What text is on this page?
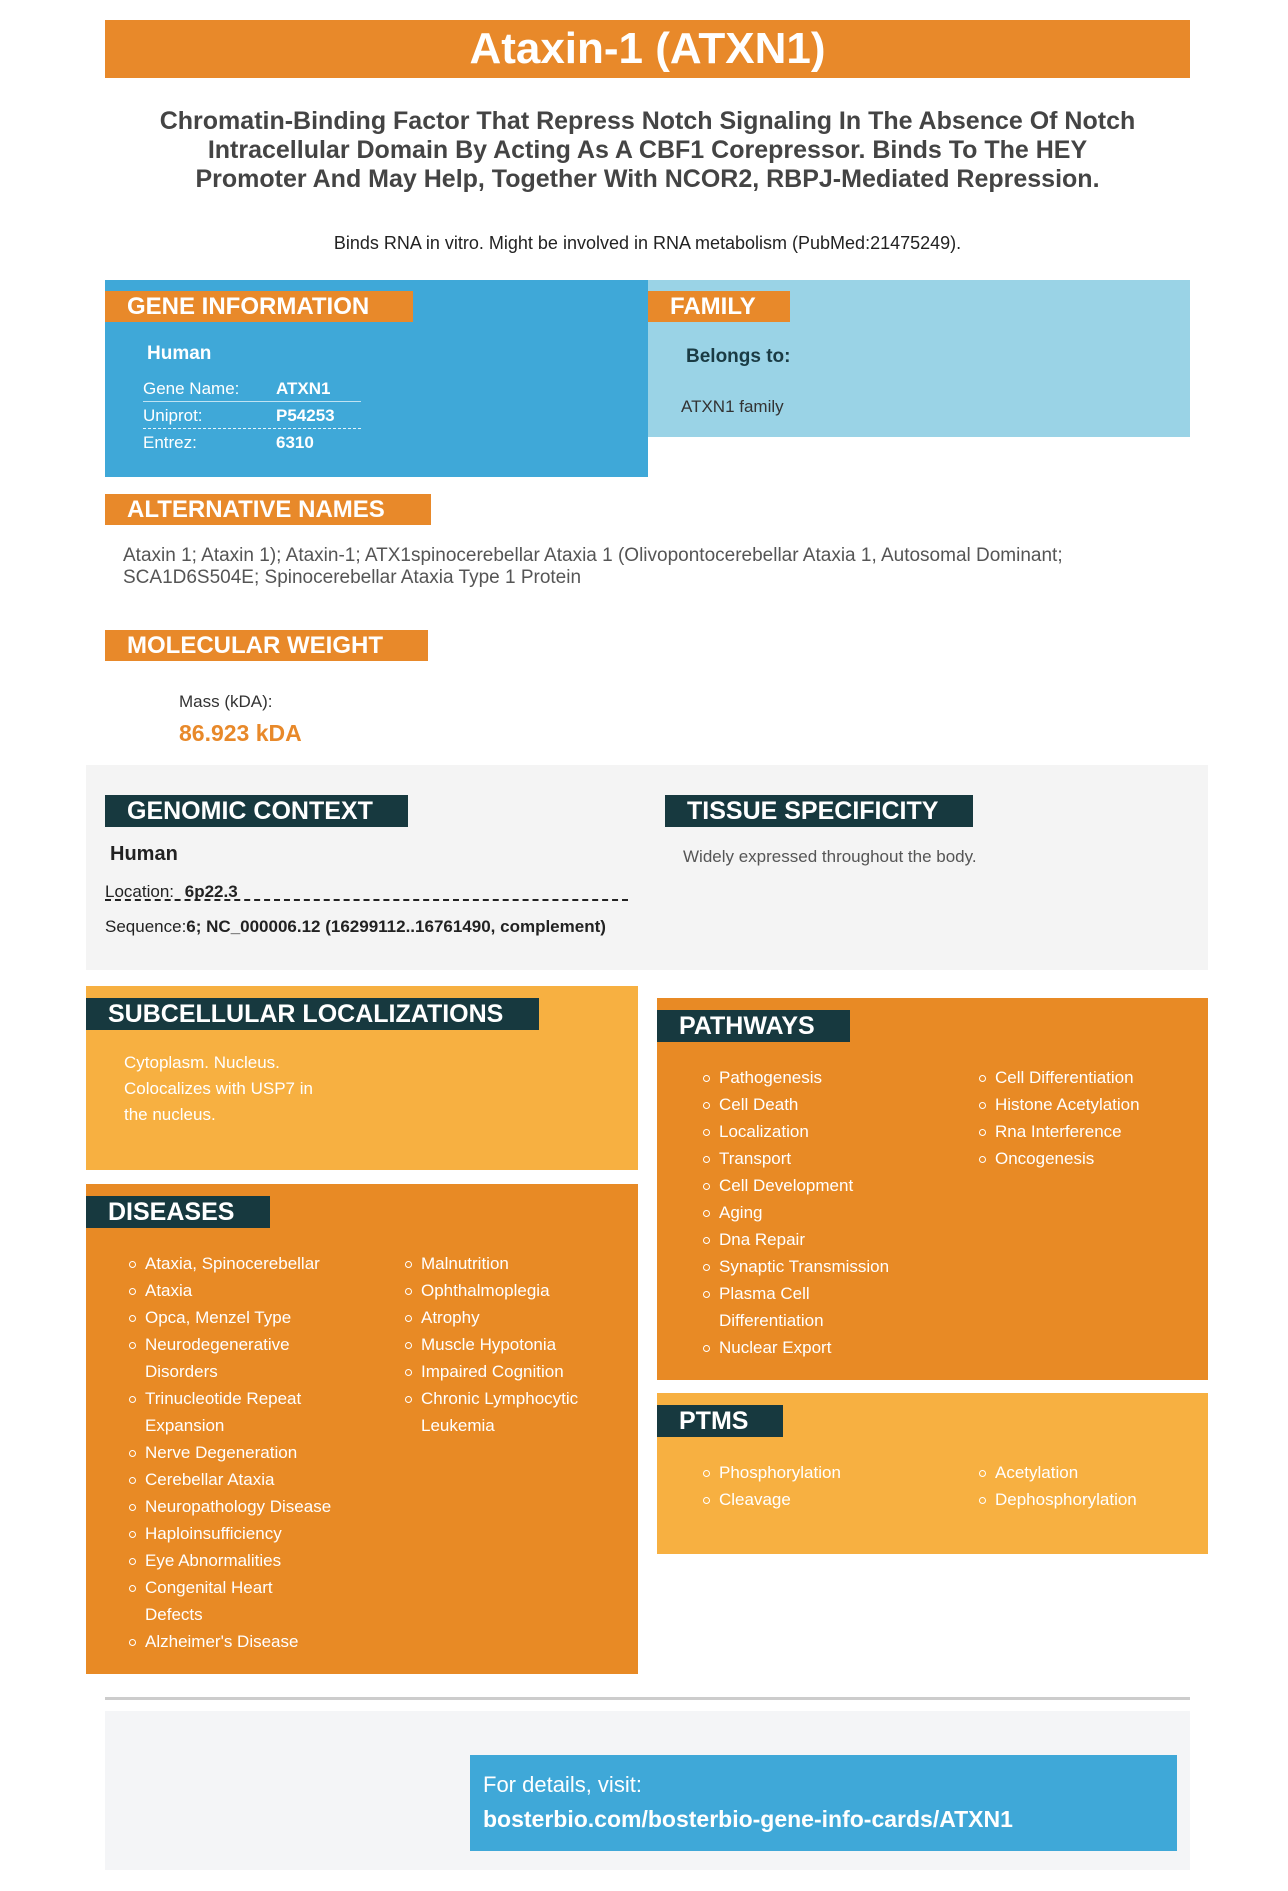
Ataxin-1 (ATXN1)
Chromatin-Binding Factor That Repress Notch Signaling In The Absence Of Notch
Intracellular Domain By Acting As A CBF1 Corepressor. Binds To The HEY
Promoter And May Help, Together With NCOR2, RBPJ-Mediated Repression.
Binds RNA in vitro. Might be involved in RNA metabolism (PubMed:21475249).
GENE INFORMATION
Human
Gene Name: ATXN1
Uniprot:	P54253
Entrez:	6310
FAMILY
Belongs to:
ATXN1 family
ALTERNATIVE NAMES
Ataxin 1; Ataxin 1); Ataxin-1; ATX1spinocerebellar Ataxia 1 (Olivopontocerebellar Ataxia 1, Autosomal Dominant;
SCA1D6S504E; Spinocerebellar Ataxia Type 1 Protein
MOLECULAR WEIGHT
Mass (kDA):
86.923 kDA
GENOMIC CONTEXT
Human
Location: 6p22.3
Sequence:6; NC_000006.12 (16299112..16761490, complement)
TISSUE SPECIFICITY
Widely expressed throughout the body.
SUBCELLULAR LOCALIZATIONS
Cytoplasm. Nucleus.
Colocalizes with USP7 in
the nucleus.
DISEASES
Ataxia, Spinocerebellar
Ataxia
Opca, Menzel Type
Neurodegenerative
Disorders
Trinucleotide Repeat
Expansion
Nerve Degeneration
Cerebellar Ataxia
Neuropathology Disease
Haploinsufficiency
Eye Abnormalities
Congenital Heart
Defects
Alzheimer's Disease
Malnutrition
Ophthalmoplegia
Atrophy
Muscle Hypotonia
Impaired Cognition
Chronic Lymphocytic
Leukemia
PATHWAYS
Pathogenesis
Cell Death
Localization
Transport
Cell Development
Aging
Dna Repair
Synaptic Transmission
Plasma Cell
Differentiation
Nuclear Export
Cell Differentiation
Histone Acetylation
Rna Interference
Oncogenesis
PTMS
Phosphorylation
Cleavage
Acetylation
Dephosphorylation
For details, visit:
bosterbio.com/bosterbio-gene-info-cards/ATXN1
